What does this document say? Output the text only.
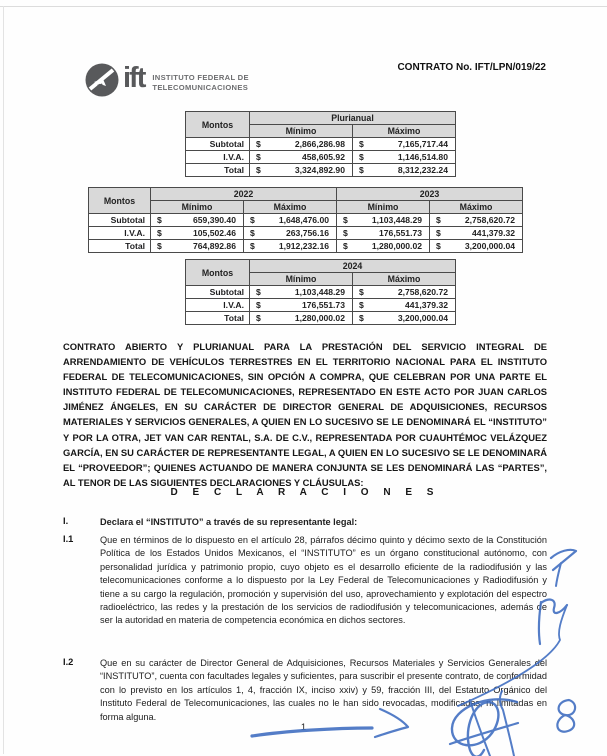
ift INSTITUTO FEDERAL DE
TELECOMUNICACIONES
CONTRATO No. IFT/LPN/019/22
Montos	Plurianual	
	Mínimo	Máximo
Subtotal	$ 2,866,286.98	$ 7,165,717.44

I.V.A.	$ 458,605.92	$ 1,146,514.80

Total	$ 3,324,892.90	$ 8,312,232.24
Montos	2022		2023	
	Mínimo	Máximo	Mínimo	Máximo
Subtotal	$ 659,390.40	$ 1,648,476.00	$ 1,103,448.29	$ 2,758,620.72

I.V.A.	$ 105,502.46	$ 263,756.16	$ 176,551.73	$ 441,379.32

Total	$ 764,892.86	$ 1,912,232.16	$ 1,280,000.02	$ 3,200,000.04
Montos	2024	
	Mínimo	Máximo
Subtotal	$ 1,103,448.29	$ 2,758,620.72

I.V.A.	$ 176,551.73	$ 441,379.32

Total	$ 1,280,000.02	$ 3,200,000.04
CONTRATO ABIERTO Y PLURIANUAL PARA LA PRESTACIÓN DEL SERVICIO INTEGRAL DE ARRENDAMIENTO DE VEHÍCULOS TERRESTRES EN EL TERRITORIO NACIONAL PARA EL INSTITUTO FEDERAL DE TELECOMUNICACIONES, SIN OPCIÓN A COMPRA, QUE CELEBRAN POR UNA PARTE EL INSTITUTO FEDERAL DE TELECOMUNICACIONES, REPRESENTADO EN ESTE ACTO POR JUAN CARLOS JIMÉNEZ ÁNGELES, EN SU CARÁCTER DE DIRECTOR GENERAL DE ADQUISICIONES, RECURSOS MATERIALES Y SERVICIOS GENERALES, A QUIEN EN LO SUCESIVO SE LE DENOMINARÁ EL “INSTITUTO” Y POR LA OTRA, JET VAN CAR RENTAL, S.A. DE C.V., REPRESENTADA POR CUAUHTÉMOC VELÁZQUEZ GARCÍA, EN SU CARÁCTER DE REPRESENTANTE LEGAL, A QUIEN EN LO SUCESIVO SE LE DENOMINARÁ EL “PROVEEDOR”; QUIENES ACTUANDO DE MANERA CONJUNTA SE LES DENOMINARÁ LAS “PARTES”, AL TENOR DE LAS SIGUIENTES DECLARACIONES Y CLÁUSULAS:
D E C L A R A C I O N E S
I.	Declara el “INSTITUTO” a través de su representante legal:
I.1	Que en términos de lo dispuesto en el artículo 28, párrafos décimo quinto y décimo sexto de la Constitución Política de los Estados Unidos Mexicanos, el “INSTITUTO” es un órgano constitucional autónomo, con personalidad jurídica y patrimonio propio, cuyo objeto es el desarrollo eficiente de la radiodifusión y las telecomunicaciones conforme a lo dispuesto por la Ley Federal de Telecomunicaciones y Radiodifusión y tiene a su cargo la regulación, promoción y supervisión del uso, aprovechamiento y explotación del espectro radioeléctrico, las redes y la prestación de los servicios de radiodifusión y telecomunicaciones, además de ser la autoridad en materia de competencia económica en dichos sectores.
I.2	Que en su carácter de Director General de Adquisiciones, Recursos Materiales y Servicios Generales del “INSTITUTO”, cuenta con facultades legales y suficientes, para suscribir el presente contrato, de conformidad con lo previsto en los artículos 1, 4, fracción IX, inciso xxiv) y 59, fracción III, del Estatuto Orgánico del Instituto Federal de Telecomunicaciones, las cuales no le han sido revocadas, modificadas, ni limitadas en forma alguna.
1
